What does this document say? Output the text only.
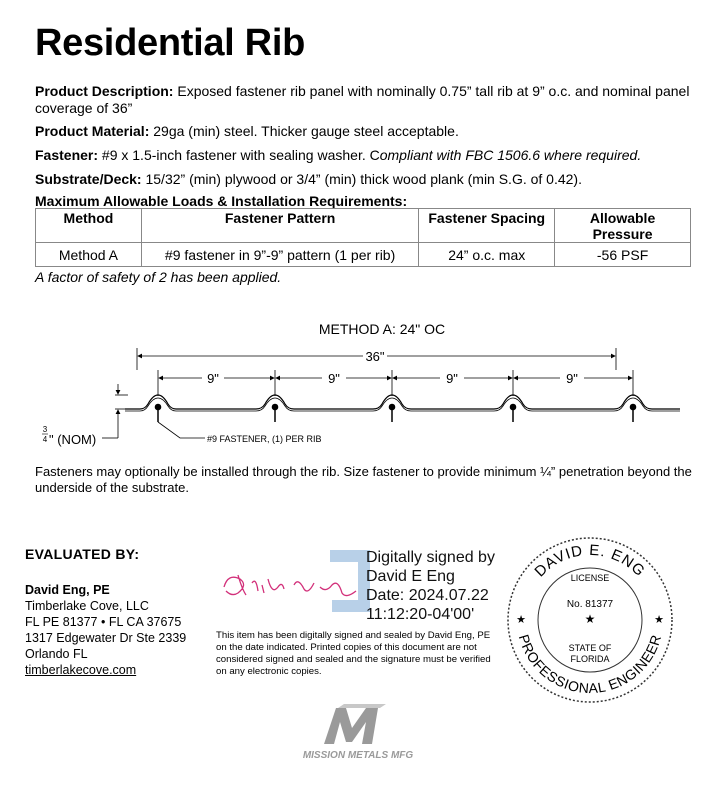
Residential Rib

Product Description: Exposed fastener rib panel with nominally 0.75” tall rib at 9” o.c. and nominal panel coverage of 36”

Product Material: 29ga (min) steel. Thicker gauge steel acceptable.

Fastener: #9 x 1.5-inch fastener with sealing washer. Compliant with FBC 1506.6 where required.

Substrate/Deck: 15/32” (min) plywood or 3/4” (min) thick wood plank (min S.G. of 0.42).

Maximum Allowable Loads & Installation Requirements:

Method	Fastener Pattern	Fastener Spacing	Allowable Pressure
Method A	#9 fastener in 9”-9” pattern (1 per rib)	24” o.c. max	-56 PSF
A factor of safety of 2 has been applied.
METHOD A: 24" OC
36"
9"	9"	9"	9"
3
4 " (NOM)	#9 FASTENER, (1) PER RIB
Fasteners may optionally be installed through the rib. Size fastener to provide minimum ¼” penetration beyond the underside of the substrate.
EVALUATED BY:
David Eng, PE
Timberlake Cove, LLC
FL PE 81377 • FL CA 37675
1317 Edgewater Dr Ste 2339
Orlando FL
timberlakecove.com
Digitally signed by
David E Eng
Date: 2024.07.22
11:12:20-04'00'
This item has been digitally signed and sealed by David Eng, PE on the date indicated. Printed copies of this document are not considered signed and sealed and the signature must be verified on any electronic copies.
DAVID E. ENG
PROFESSIONAL ENGINEER
LICENSE
No. 81377
★
★	★
STATE OF
FLORIDA
MISSION METALS MFG
